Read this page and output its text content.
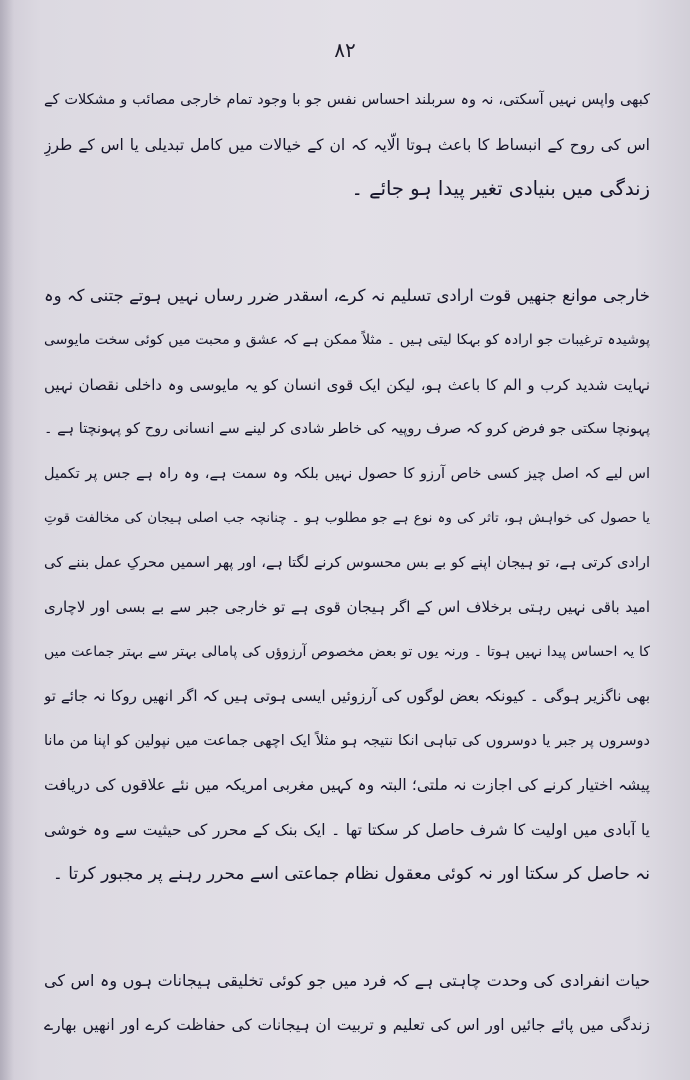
۸۲
کبھی واپس نہیں آسکتی، نہ وہ سربلند احساس نفس جو با وجود تمام خارجی مصائب و مشکلات کے
اس کی روح کے انبساط کا باعث ہوتا الّایہ کہ ان کے خیالات میں کامل تبدیلی یا اس کے طرزِ
زندگی میں بنیادی تغیر پیدا ہو جائے ۔
خارجی موانع جنھیں قوت ارادی تسلیم نہ کرے، اسقدر ضرر رساں نہیں ہوتے جتنی کہ وہ
پوشیدہ ترغیبات جو ارادہ کو بہکا لیتی ہیں ۔ مثلاً ممکن ہے کہ عشق و محبت میں کوئی سخت مایوسی
نہایت شدید کرب و الم کا باعث ہو، لیکن ایک قوی انسان کو یہ مایوسی وہ داخلی نقصان نہیں
پہونچا سکتی جو فرض کرو کہ صرف روپیہ کی خاطر شادی کر لینے سے انسانی روح کو پہونچتا ہے ۔
اس لیے کہ اصل چیز کسی خاص آرزو کا حصول نہیں بلکہ وہ سمت ہے، وہ راہ ہے جس پر تکمیل
یا حصول کی خواہش ہو، تاثر کی وہ نوع ہے جو مطلوب ہو ۔ چنانچہ جب اصلی ہیجان کی مخالفت قوتِ
ارادی کرتی ہے، تو ہیجان اپنے کو بے بس محسوس کرنے لگتا ہے، اور پھر اسمیں محرکِ عمل بننے کی
امید باقی نہیں رہتی برخلاف اس کے اگر ہیجان قوی ہے تو خارجی جبر سے بے بسی اور لاچاری
کا یہ احساس پیدا نہیں ہوتا ۔ ورنہ یوں تو بعض مخصوص آرزوؤں کی پامالی بہتر سے بہتر جماعت میں
بھی ناگزیر ہوگی ۔ کیونکہ بعض لوگوں کی آرزوئیں ایسی ہوتی ہیں کہ اگر انھیں روکا نہ جائے تو
دوسروں پر جبر یا دوسروں کی تباہی انکا نتیجہ ہو مثلاً ایک اچھی جماعت میں نپولین کو اپنا من مانا
پیشہ اختیار کرنے کی اجازت نہ ملتی؛ البتہ وہ کہیں مغربی امریکہ میں نئے علاقوں کی دریافت
یا آبادی میں اولیت کا شرف حاصل کر سکتا تھا ۔ ایک بنک کے محرر کی حیثیت سے وہ خوشی
نہ حاصل کر سکتا اور نہ کوئی معقول نظام جماعتی اسے محرر رہنے پر مجبور کرتا ۔
حیات انفرادی کی وحدت چاہتی ہے کہ فرد میں جو کوئی تخلیقی ہیجانات ہوں وہ اس کی
زندگی میں پائے جائیں اور اس کی تعلیم و تربیت ان ہیجانات کی حفاظت کرے اور انھیں بھارے
